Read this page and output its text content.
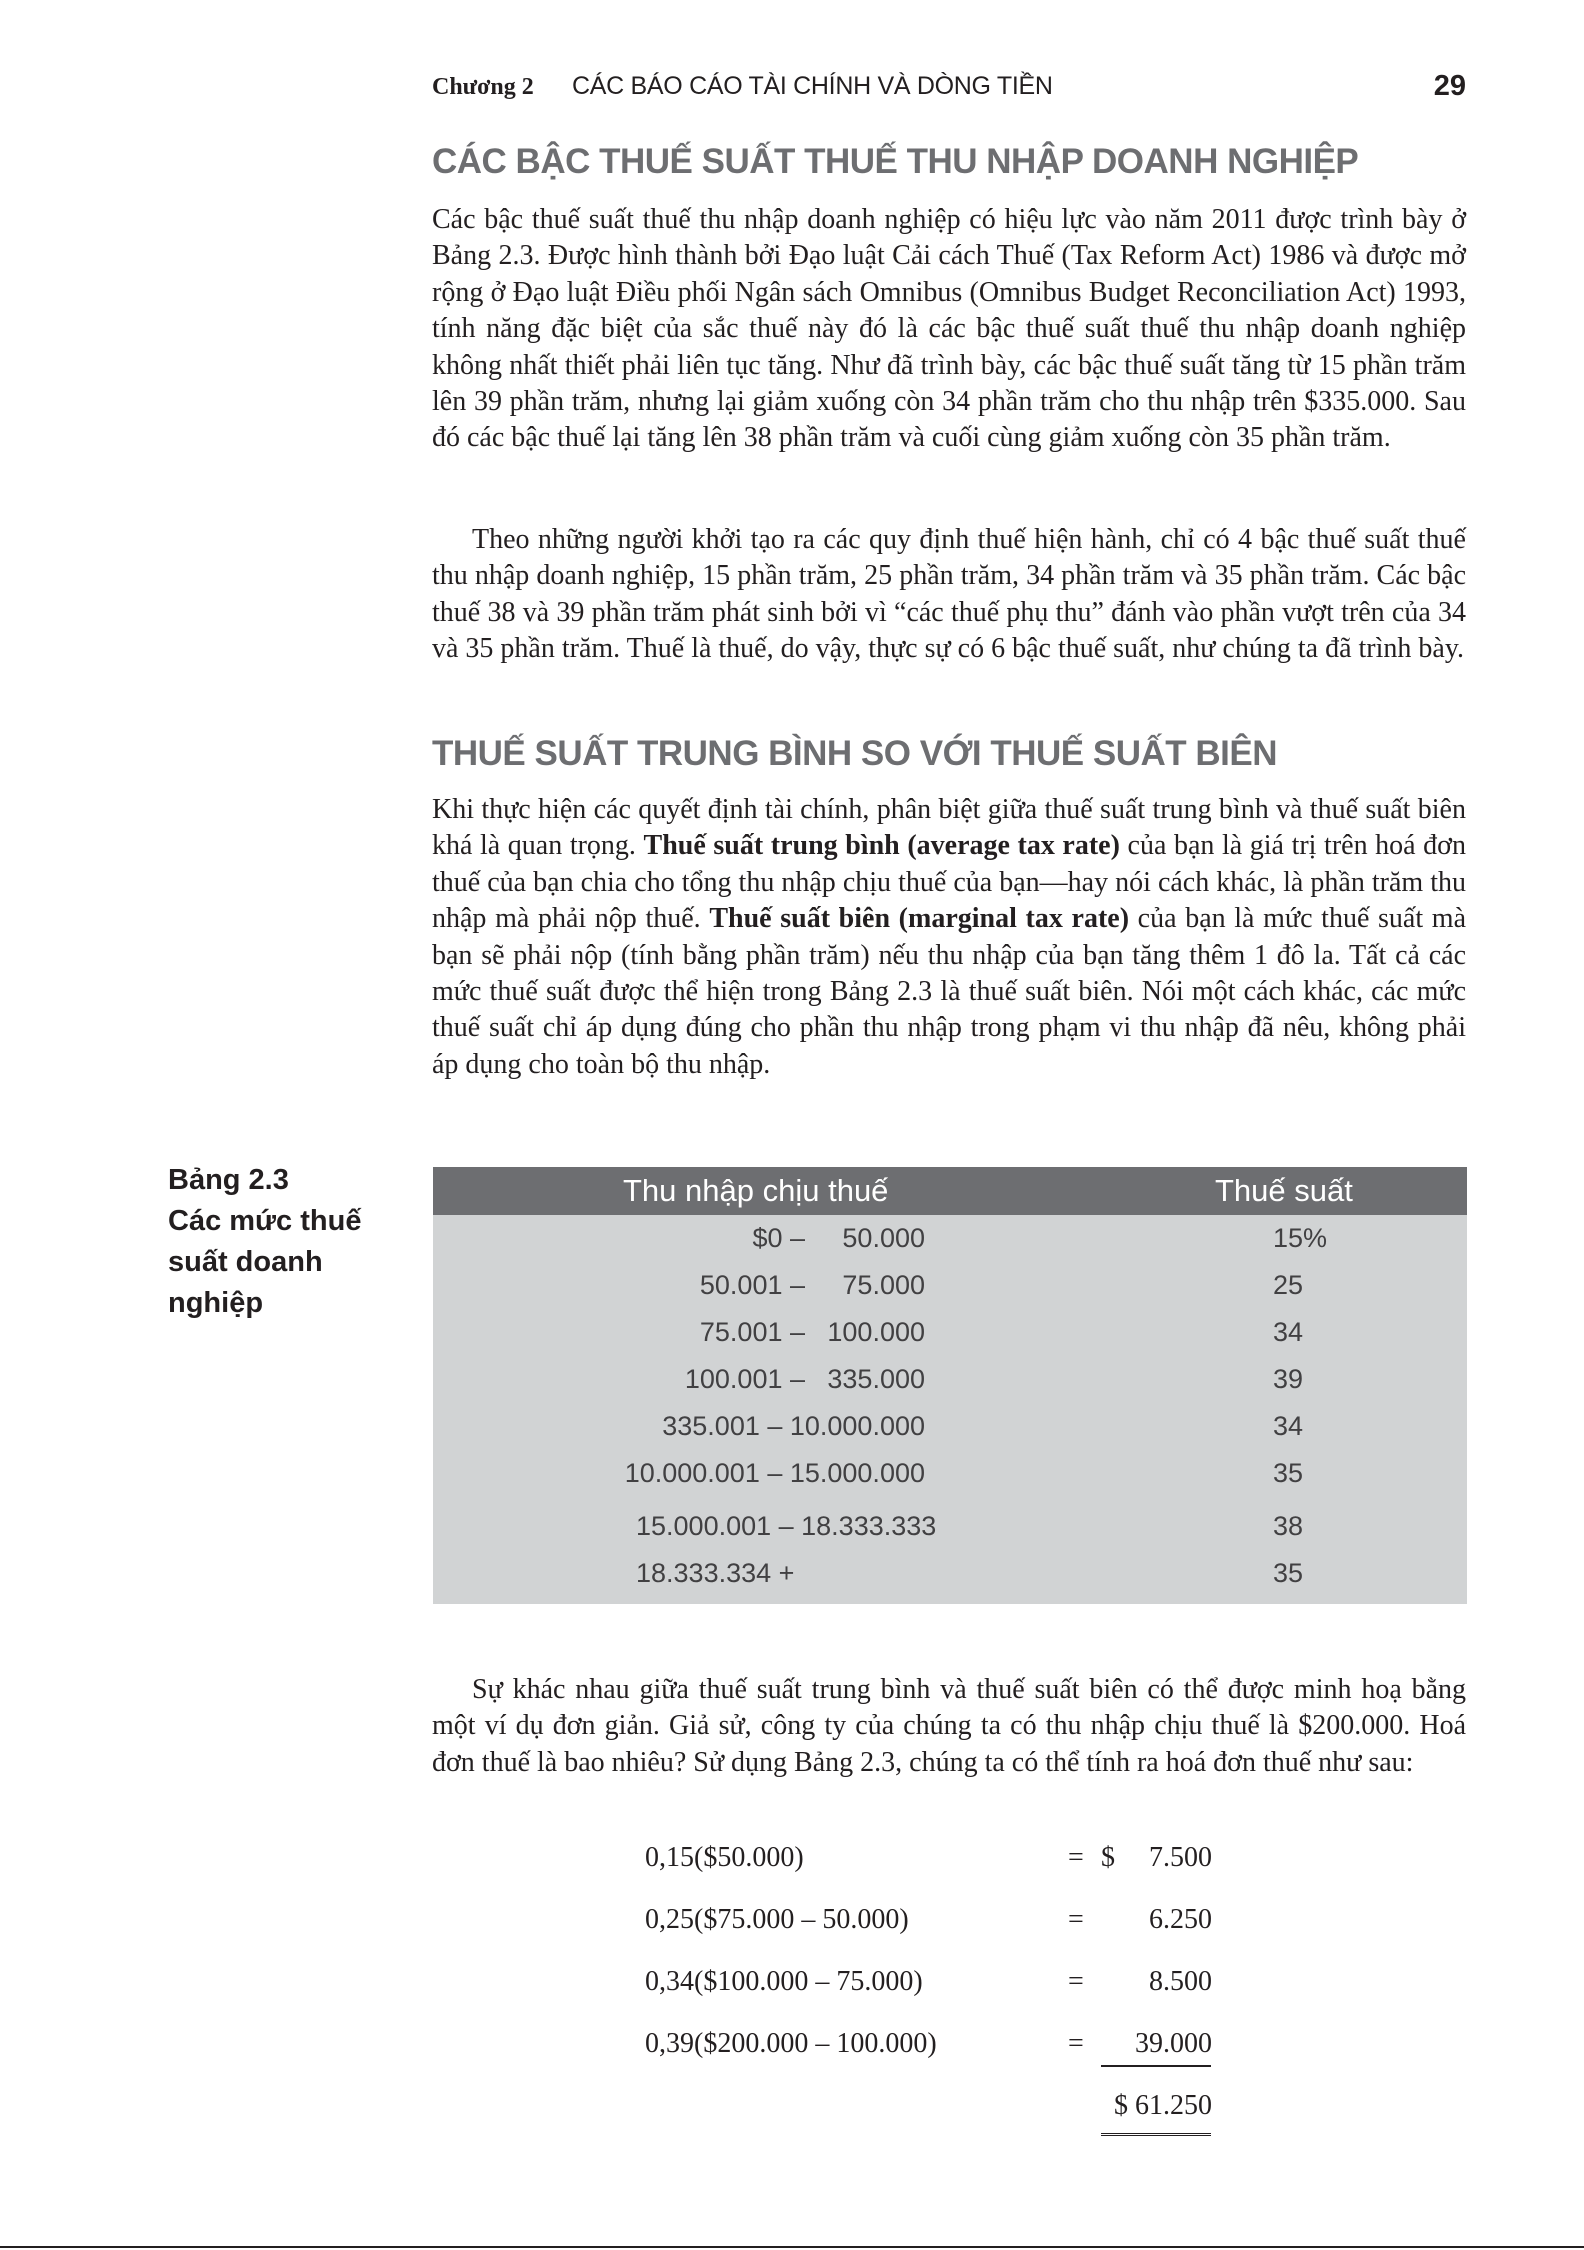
Chương 2 CÁC BÁO CÁO TÀI CHÍNH VÀ DÒNG TIỀN	29
CÁC BẬC THUẾ SUẤT THUẾ THU NHẬP DOANH NGHIỆP

Các bậc thuế suất thuế thu nhập doanh nghiệp có hiệu lực vào năm 2011 được trình bày ở Bảng 2.3. Được hình thành bởi Đạo luật Cải cách Thuế (Tax Reform Act) 1986 và được mở rộng ở Đạo luật Điều phối Ngân sách Omnibus (Omnibus Budget Reconciliation Act) 1993, tính năng đặc biệt của sắc thuế này đó là các bậc thuế suất thuế thu nhập doanh nghiệp không nhất thiết phải liên tục tăng. Như đã trình bày, các bậc thuế suất tăng từ 15 phần trăm lên 39 phần trăm, nhưng lại giảm xuống còn 34 phần trăm cho thu nhập trên $335.000. Sau đó các bậc thuế lại tăng lên 38 phần trăm và cuối cùng giảm xuống còn 35 phần trăm.

Theo những người khởi tạo ra các quy định thuế hiện hành, chỉ có 4 bậc thuế suất thuế thu nhập doanh nghiệp, 15 phần trăm, 25 phần trăm, 34 phần trăm và 35 phần trăm. Các bậc thuế 38 và 39 phần trăm phát sinh bởi vì “các thuế phụ thu” đánh vào phần vượt trên của 34 và 35 phần trăm. Thuế là thuế, do vậy, thực sự có 6 bậc thuế suất, như chúng ta đã trình bày.

THUẾ SUẤT TRUNG BÌNH SO VỚI THUẾ SUẤT BIÊN

Khi thực hiện các quyết định tài chính, phân biệt giữa thuế suất trung bình và thuế suất biên khá là quan trọng. Thuế suất trung bình (average tax rate) của bạn là giá trị trên hoá đơn thuế của bạn chia cho tổng thu nhập chịu thuế của bạn—hay nói cách khác, là phần trăm thu nhập mà phải nộp thuế. Thuế suất biên (marginal tax rate) của bạn là mức thuế suất mà bạn sẽ phải nộp (tính bằng phần trăm) nếu thu nhập của bạn tăng thêm 1 đô la. Tất cả các mức thuế suất được thể hiện trong Bảng 2.3 là thuế suất biên. Nói một cách khác, các mức thuế suất chỉ áp dụng đúng cho phần thu nhập trong phạm vi thu nhập đã nêu, không phải áp dụng cho toàn bộ thu nhập.

Bảng 2.3

Các mức thuế suất doanh nghiệp

Thu nhập chịu thuế	Thuế suất
$0 – 50.000	15%
50.001 – 75.000	25
75.001 – 100.000	34
100.001 – 335.000	39
335.001 – 10.000.000	34
10.000.001 – 15.000.000	35
15.000.001 – 18.333.333	38
18.333.334 +	35

Sự khác nhau giữa thuế suất trung bình và thuế suất biên có thể được minh hoạ bằng một ví dụ đơn giản. Giả sử, công ty của chúng ta có thu nhập chịu thuế là $200.000. Hoá đơn thuế là bao nhiêu? Sử dụng Bảng 2.3, chúng ta có thể tính ra hoá đơn thuế như sau:

0,15($50.000)	= $ 7.500
0,25($75.000 – 50.000)	= 6.250
0,34($100.000 – 75.000)	= 8.500
0,39($200.000 – 100.000)	= 39.000
$ 61.250
